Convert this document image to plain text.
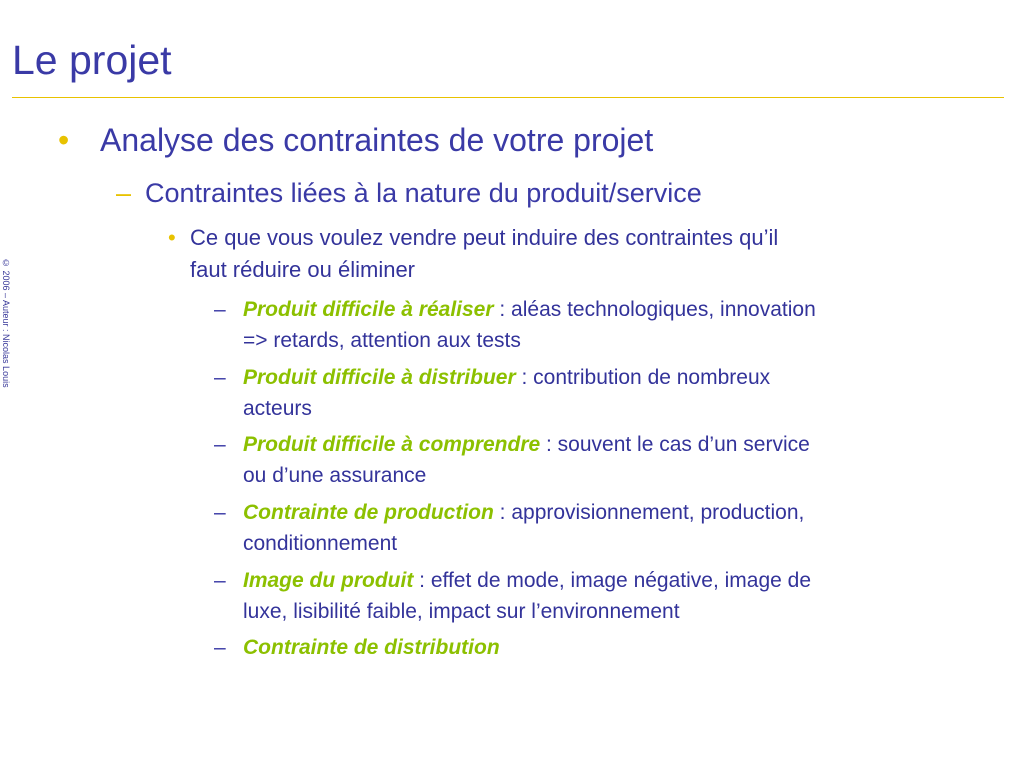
Le projet
© 2006 – Auteur : Nicolas Louis
• Analyse des contraintes de votre projet
– Contraintes liées à la nature du produit/service
• Ce que vous voulez vendre peut induire des contraintes qu’il
faut réduire ou éliminer
– Produit difficile à réaliser : aléas technologiques, innovation
=> retards, attention aux tests
– Produit difficile à distribuer : contribution de nombreux
acteurs
– Produit difficile à comprendre : souvent le cas d’un service
ou d’une assurance
– Contrainte de production : approvisionnement, production,
conditionnement
– Image du produit : effet de mode, image négative, image de
luxe, lisibilité faible, impact sur l’environnement
– Contrainte de distribution
